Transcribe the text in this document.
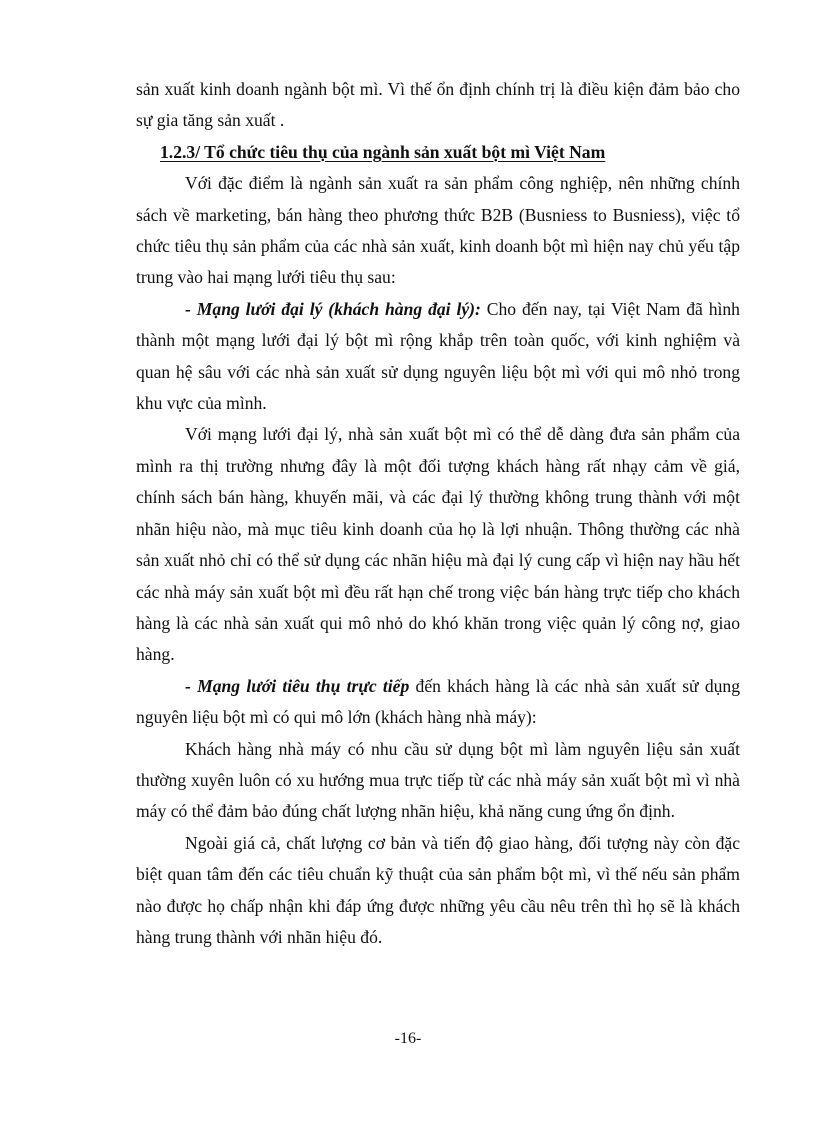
sản xuất kinh doanh ngành bột mì. Vì thế ổn định chính trị là điều kiện đảm bảo cho sự gia tăng sản xuất .

1.2.3/ Tổ chức tiêu thụ của ngành sản xuất bột mì Việt Nam

Với đặc điểm là ngành sản xuất ra sản phẩm công nghiệp, nên những chính sách về marketing, bán hàng theo phương thức B2B (Busniess to Busniess), việc tổ chức tiêu thụ sản phẩm của các nhà sản xuất, kinh doanh bột mì hiện nay chủ yếu tập trung vào hai mạng lưới tiêu thụ sau:

- Mạng lưới đại lý (khách hàng đại lý): Cho đến nay, tại Việt Nam đã hình thành một mạng lưới đại lý bột mì rộng khắp trên toàn quốc, với kinh nghiệm và quan hệ sâu với các nhà sản xuất sử dụng nguyên liệu bột mì với qui mô nhỏ trong khu vực của mình.

Với mạng lưới đại lý, nhà sản xuất bột mì có thể dễ dàng đưa sản phẩm của mình ra thị trường nhưng đây là một đối tượng khách hàng rất nhạy cảm về giá, chính sách bán hàng, khuyến mãi, và các đại lý thường không trung thành với một nhãn hiệu nào, mà mục tiêu kinh doanh của họ là lợi nhuận. Thông thường các nhà sản xuất nhỏ chỉ có thể sử dụng các nhãn hiệu mà đại lý cung cấp vì hiện nay hầu hết các nhà máy sản xuất bột mì đều rất hạn chế trong việc bán hàng trực tiếp cho khách hàng là các nhà sản xuất qui mô nhỏ do khó khăn trong việc quản lý công nợ, giao hàng.

- Mạng lưới tiêu thụ trực tiếp đến khách hàng là các nhà sản xuất sử dụng nguyên liệu bột mì có qui mô lớn (khách hàng nhà máy):

Khách hàng nhà máy có nhu cầu sử dụng bột mì làm nguyên liệu sản xuất thường xuyên luôn có xu hướng mua trực tiếp từ các nhà máy sản xuất bột mì vì nhà máy có thể đảm bảo đúng chất lượng nhãn hiệu, khả năng cung ứng ổn định.

Ngoài giá cả, chất lượng cơ bản và tiến độ giao hàng, đối tượng này còn đặc biệt quan tâm đến các tiêu chuẩn kỹ thuật của sản phẩm bột mì, vì thế nếu sản phẩm nào được họ chấp nhận khi đáp ứng được những yêu cầu nêu trên thì họ sẽ là khách hàng trung thành với nhãn hiệu đó.

-16-
